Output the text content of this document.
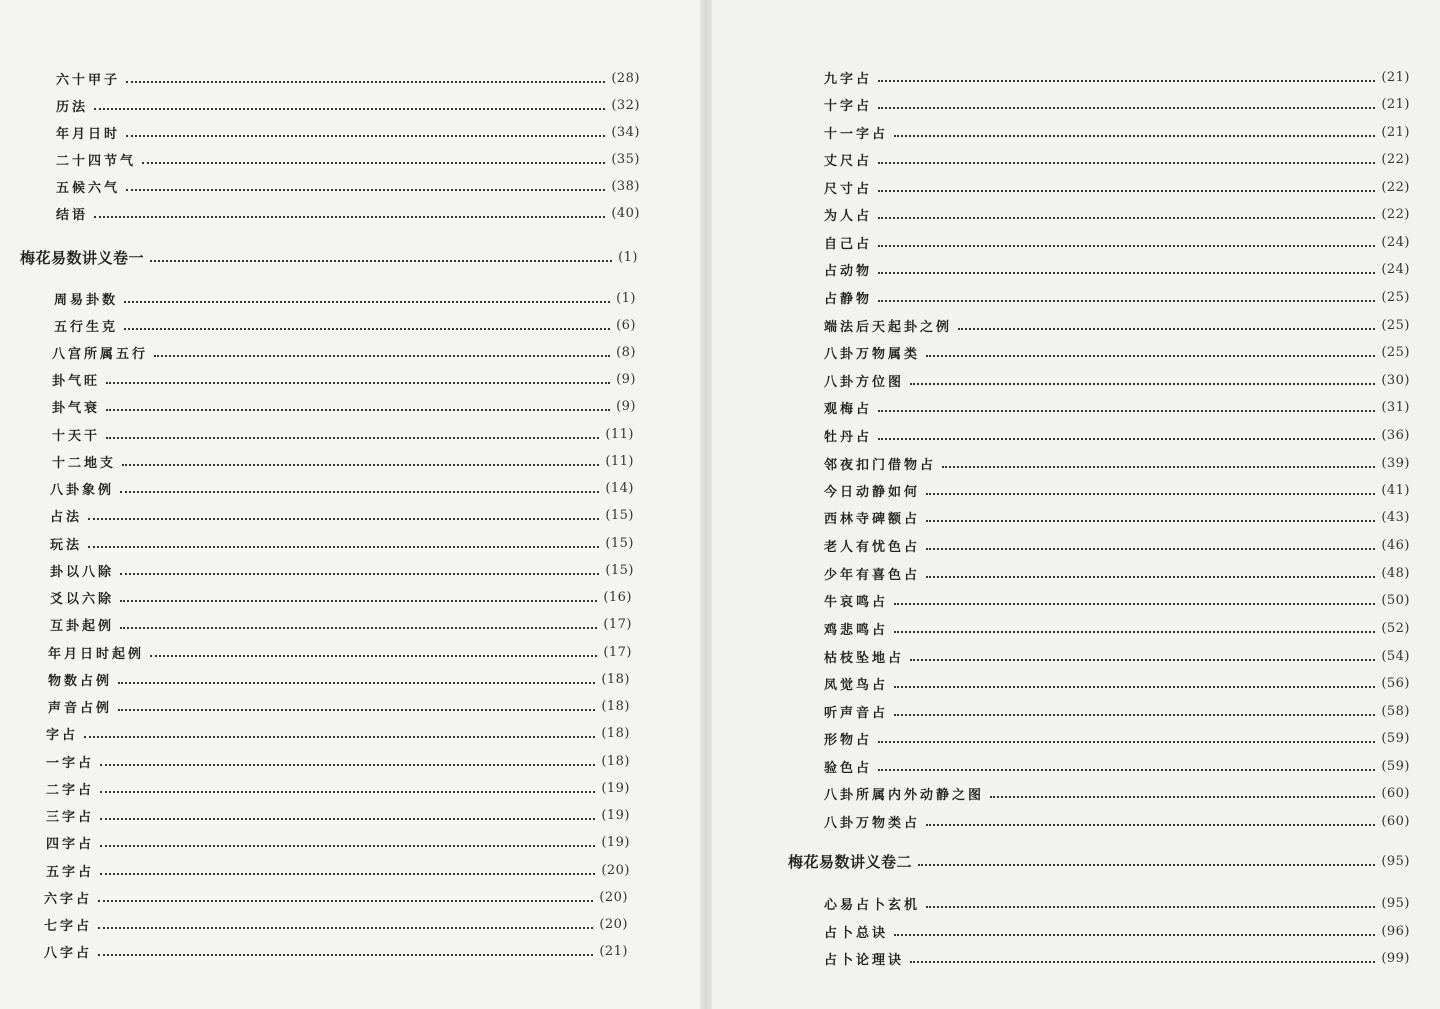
六十甲子	(28)
历法	(32)
年月日时	(34)
二十四节气	(35)
五候六气	(38)
结语	(40)
梅花易数讲义卷一	(1)
周易卦数	(1)
五行生克	(6)
八宫所属五行	(8)
卦气旺	(9)
卦气衰	(9)
十天干	(11)
十二地支	(11)
八卦象例	(14)
占法	(15)
玩法	(15)
卦以八除	(15)
爻以六除	(16)
互卦起例	(17)
年月日时起例	(17)
物数占例	(18)
声音占例	(18)
字占	(18)
一字占	(18)
二字占	(19)
三字占	(19)
四字占	(19)
五字占	(20)
六字占	(20)
七字占	(20)
八字占	(21)
九字占	(21)
十字占	(21)
十一字占	(21)
丈尺占	(22)
尺寸占	(22)
为人占	(22)
自己占	(24)
占动物	(24)
占静物	(25)
端法后天起卦之例	(25)
八卦万物属类	(25)
八卦方位图	(30)
观梅占	(31)
牡丹占	(36)
邻夜扣门借物占	(39)
今日动静如何	(41)
西林寺碑额占	(43)
老人有忧色占	(46)
少年有喜色占	(48)
牛哀鸣占	(50)
鸡悲鸣占	(52)
枯枝坠地占	(54)
凤觉鸟占	(56)
听声音占	(58)
形物占	(59)
验色占	(59)
八卦所属内外动静之图	(60)
八卦万物类占	(60)
梅花易数讲义卷二	(95)
心易占卜玄机	(95)
占卜总诀	(96)
占卜论理诀	(99)
